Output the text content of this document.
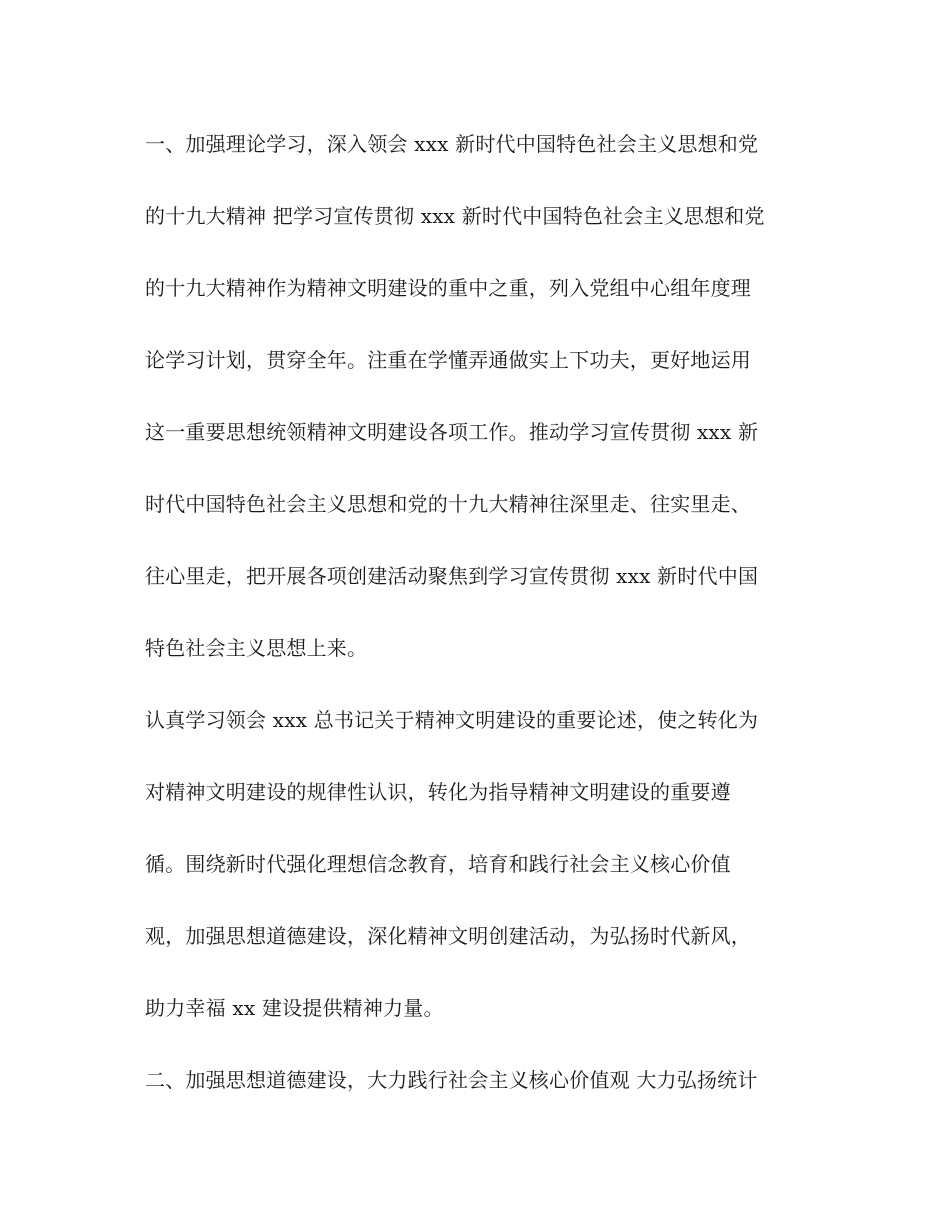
一、加强理论学习，深入领会 xxx 新时代中国特色社会主义思想和党
的十九大精神 把学习宣传贯彻 xxx 新时代中国特色社会主义思想和党
的十九大精神作为精神文明建设的重中之重，列入党组中心组年度理
论学习计划，贯穿全年。注重在学懂弄通做实上下功夫，更好地运用
这一重要思想统领精神文明建设各项工作。推动学习宣传贯彻 xxx 新
时代中国特色社会主义思想和党的十九大精神往深里走、往实里走、
往心里走，把开展各项创建活动聚焦到学习宣传贯彻 xxx 新时代中国
特色社会主义思想上来。
认真学习领会 xxx 总书记关于精神文明建设的重要论述，使之转化为
对精神文明建设的规律性认识，转化为指导精神文明建设的重要遵
循。围绕新时代强化理想信念教育，培育和践行社会主义核心价值
观，加强思想道德建设，深化精神文明创建活动，为弘扬时代新风，
助力幸福 xx 建设提供精神力量。
二、加强思想道德建设，大力践行社会主义核心价值观 大力弘扬统计
